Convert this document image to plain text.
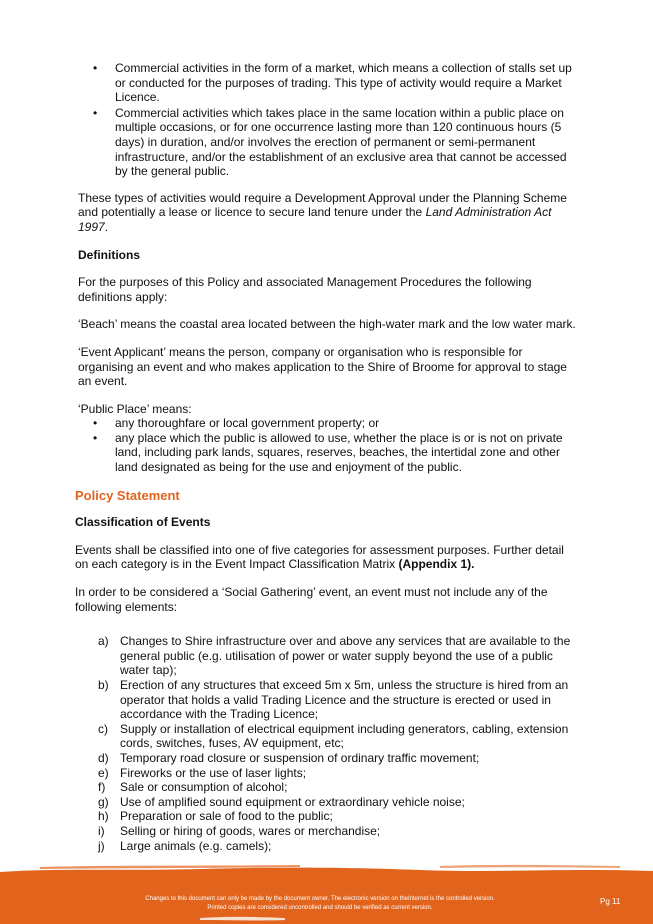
• Commercial activities in the form of a market, which means a collection of stalls set up or conducted for the purposes of trading. This type of activity would require a Market Licence.
• Commercial activities which takes place in the same location within a public place on multiple occasions, or for one occurrence lasting more than 120 continuous hours (5 days) in duration, and/or involves the erection of permanent or semi-permanent infrastructure, and/or the establishment of an exclusive area that cannot be accessed by the general public.

These types of activities would require a Development Approval under the Planning Scheme and potentially a lease or licence to secure land tenure under the Land Administration Act 1997.

Definitions

For the purposes of this Policy and associated Management Procedures the following definitions apply:

‘Beach’ means the coastal area located between the high-water mark and the low water mark.

‘Event Applicant’ means the person, company or organisation who is responsible for organising an event and who makes application to the Shire of Broome for approval to stage an event.

‘Public Place’ means:
• any thoroughfare or local government property; or
• any place which the public is allowed to use, whether the place is or is not on private land, including park lands, squares, reserves, beaches, the intertidal zone and other land designated as being for the use and enjoyment of the public.
Policy Statement
Classification of Events

Events shall be classified into one of five categories for assessment purposes. Further detail on each category is in the Event Impact Classification Matrix (Appendix 1).

In order to be considered a ‘Social Gathering’ event, an event must not include any of the following elements:

a) Changes to Shire infrastructure over and above any services that are available to the general public (e.g. utilisation of power or water supply beyond the use of a public water tap);
b) Erection of any structures that exceed 5m x 5m, unless the structure is hired from an operator that holds a valid Trading Licence and the structure is erected or used in accordance with the Trading Licence;
c) Supply or installation of electrical equipment including generators, cabling, extension cords, switches, fuses, AV equipment, etc;
d) Temporary road closure or suspension of ordinary traffic movement;
e) Fireworks or the use of laser lights;
f) Sale or consumption of alcohol;
g) Use of amplified sound equipment or extraordinary vehicle noise;
h) Preparation or sale of food to the public;
i) Selling or hiring of goods, wares or merchandise;
j) Large animals (e.g. camels);
Changes to this document can only be made by the document owner. The electronic version on theInternet is the controlled version.
Printed copies are considered uncontrolled and should be verified as current version.
Pg 11
